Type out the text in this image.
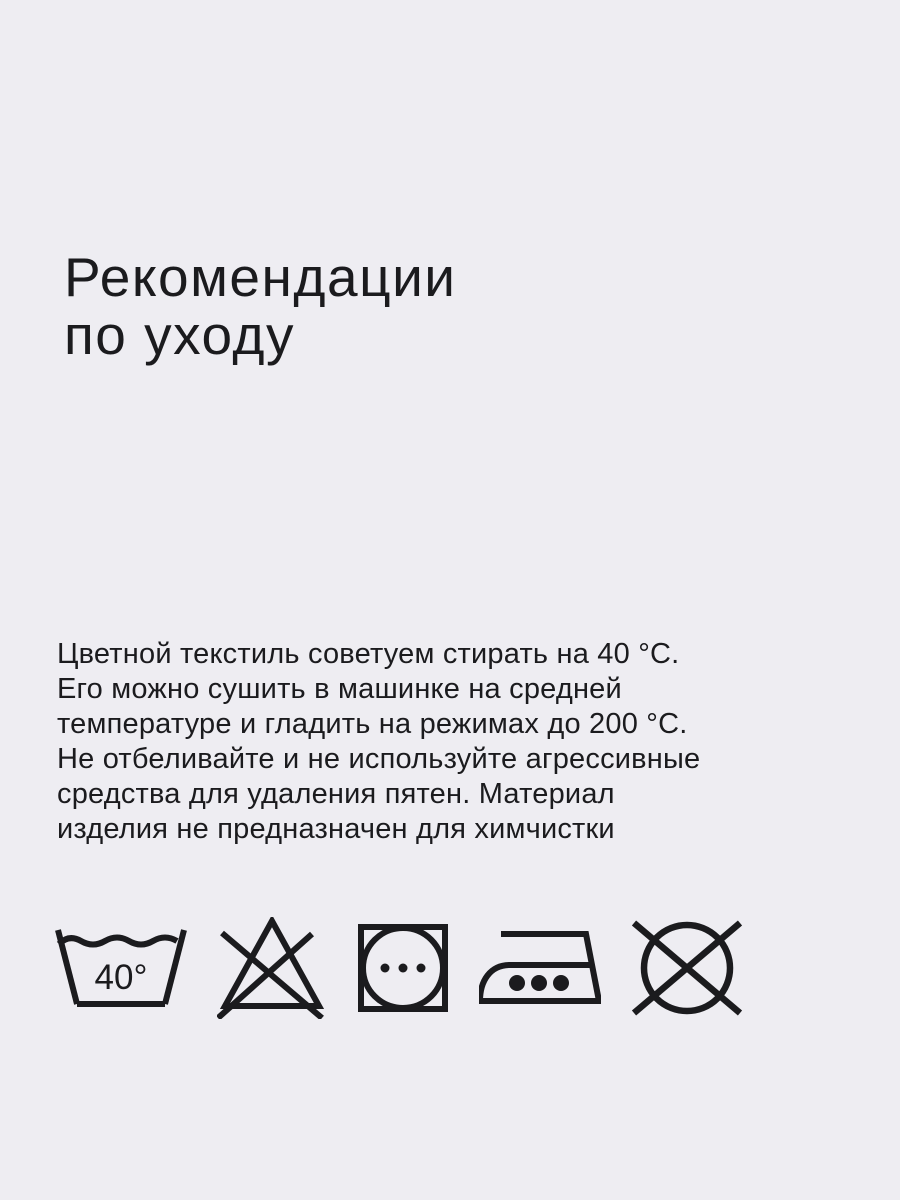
Рекомендации
по уходу
Цветной текстиль советуем стирать на 40 °C.
Его можно сушить в машинке на средней
температуре и гладить на режимах до 200 °C.
Не отбеливайте и не используйте агрессивные
средства для удаления пятен. Материал
изделия не предназначен для химчистки
40°
